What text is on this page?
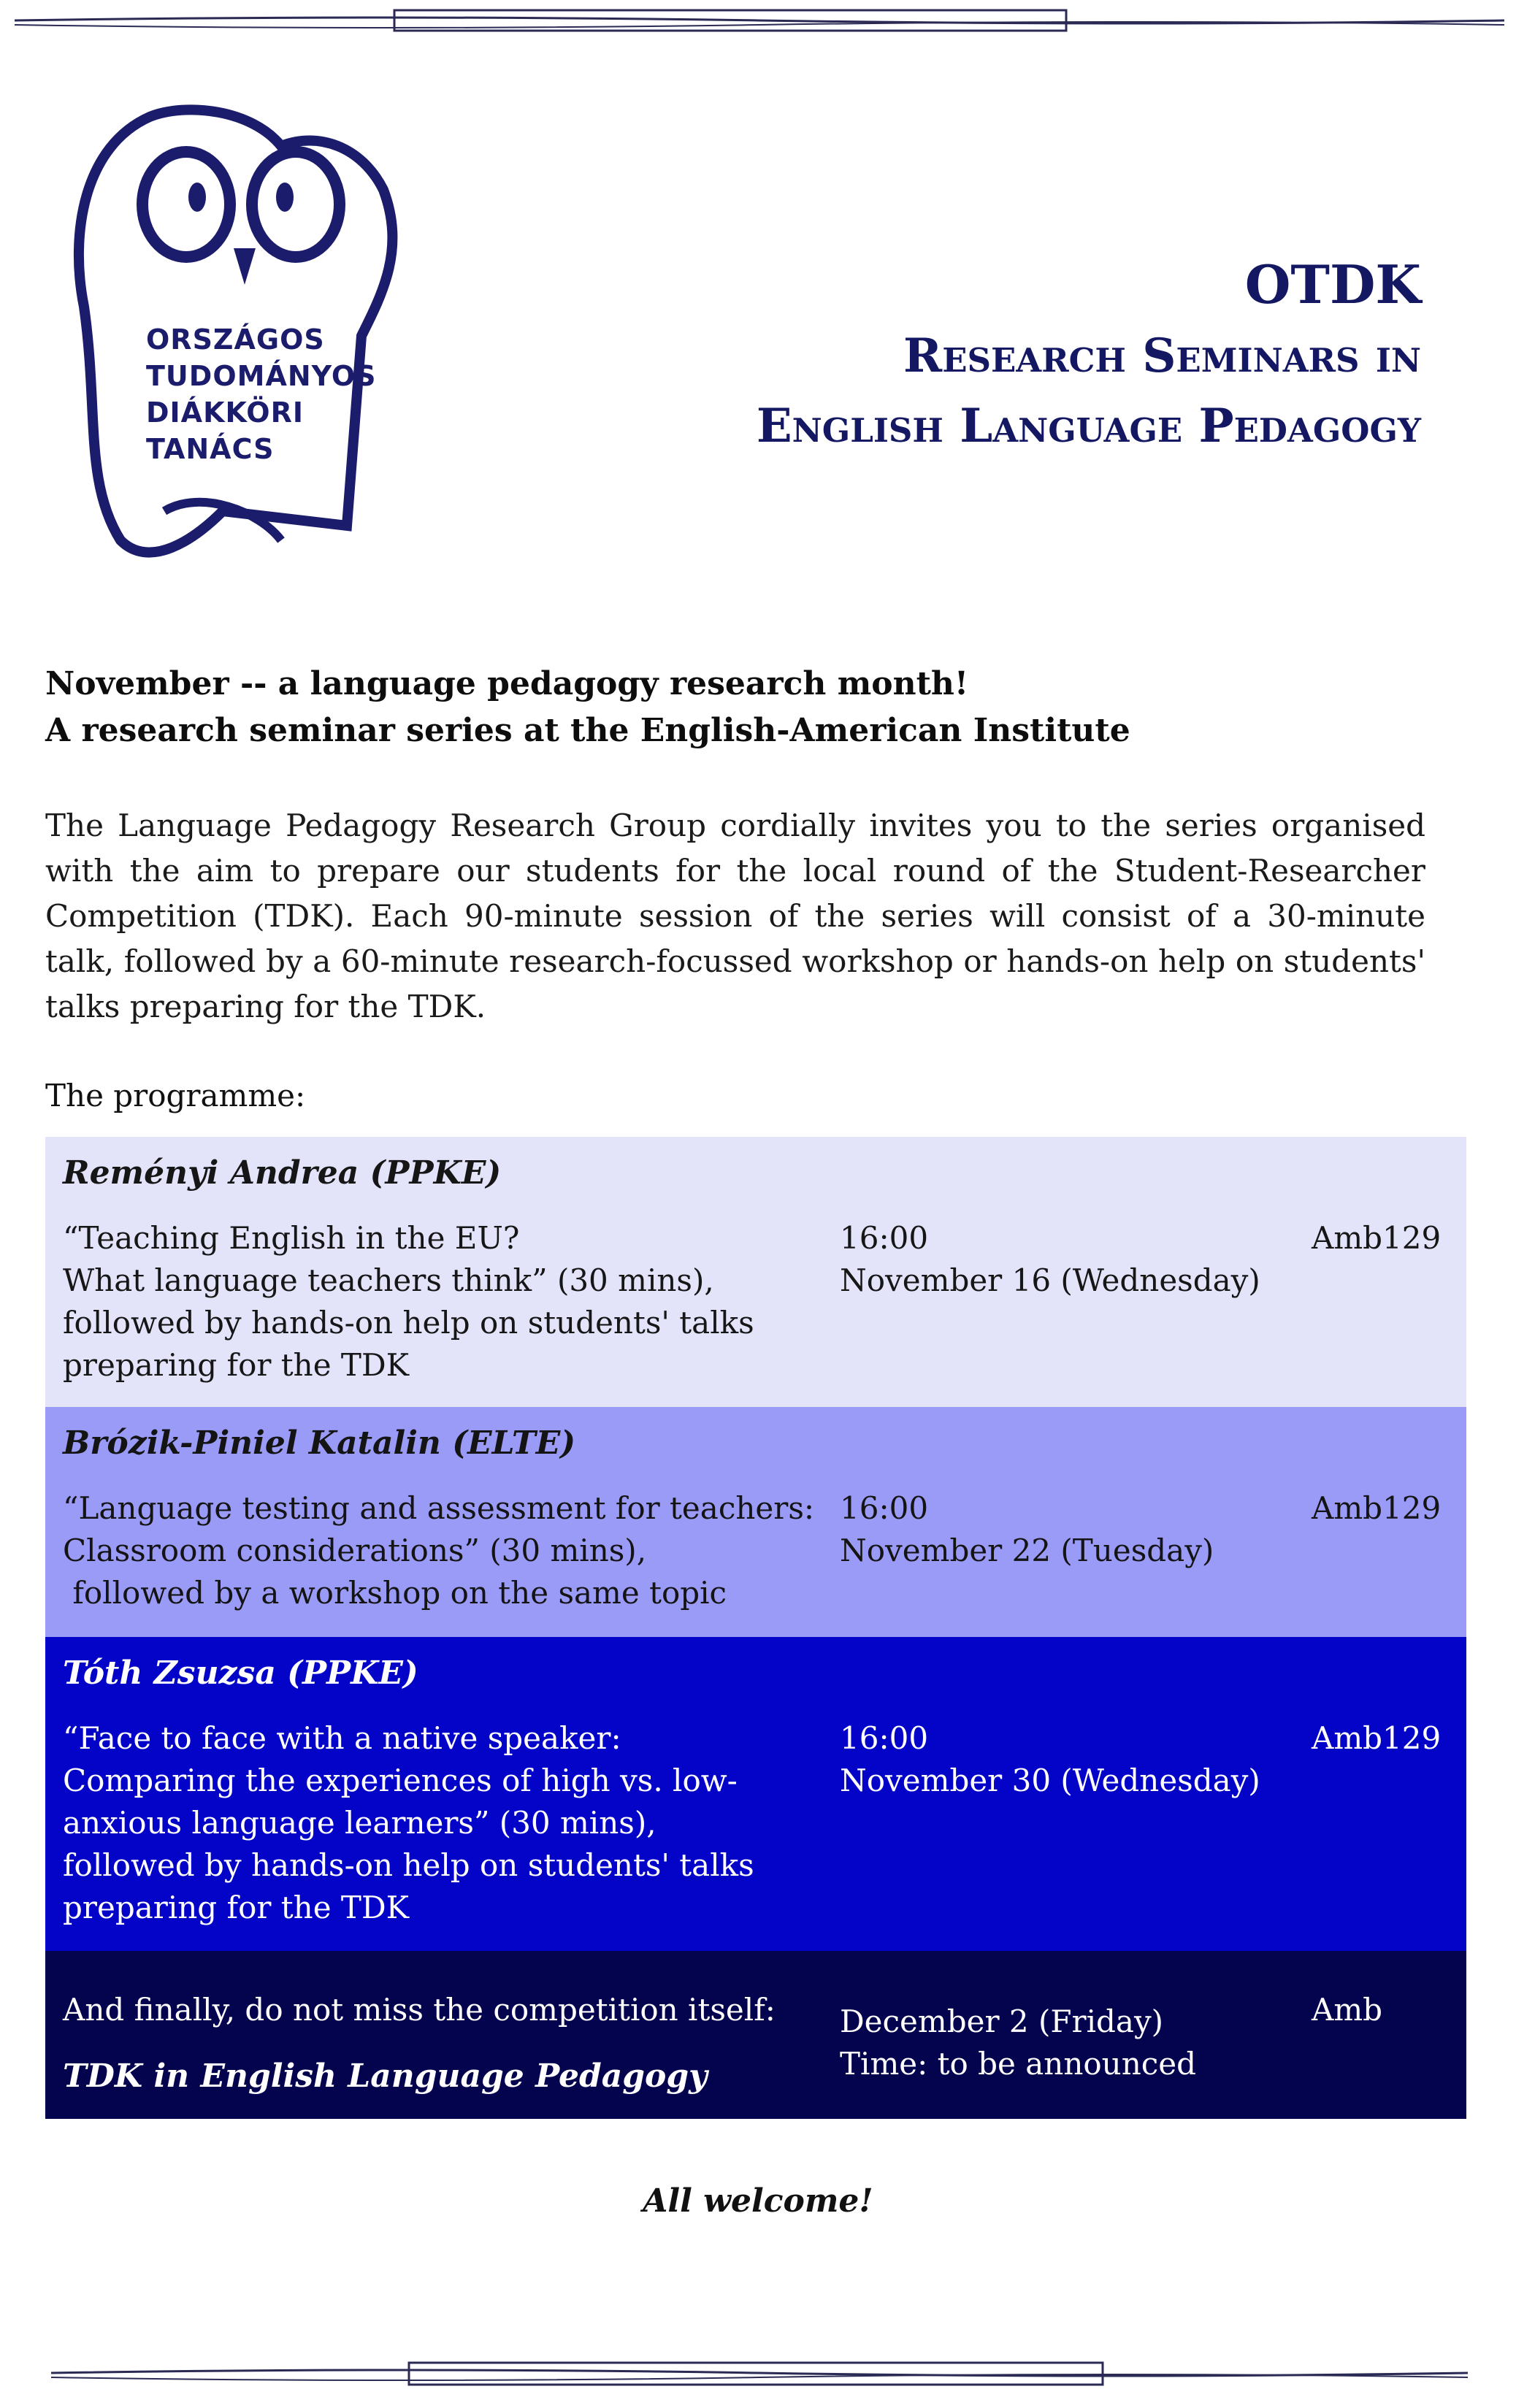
ORSZÁGOS
TUDOMÁNYOS
DIÁKKÖRI
TANÁCS
OTDK
Research Seminars in
English Language Pedagogy
November -- a language pedagogy research month!
A research seminar series at the English-American Institute
The Language Pedagogy Research Group cordially invites you to the series organised with the aim to prepare our students for the local round of the Student-Researcher Competition (TDK). Each 90-minute session of the series will consist of a 30-minute talk, followed by a 60-minute research-focussed workshop or hands-on help on students' talks preparing for the TDK.
The programme:
Reményi Andrea (PPKE)
“Teaching English in the EU?
What language teachers think” (30 mins),
followed by hands-on help on students' talks
preparing for the TDK
16:00
November 16 (Wednesday)
Amb129
Brózik-Piniel Katalin (ELTE)
“Language testing and assessment for teachers:
Classroom considerations” (30 mins),
followed by a workshop on the same topic
16:00
November 22 (Tuesday)
Amb129
Tóth Zsuzsa (PPKE)
“Face to face with a native speaker:
Comparing the experiences of high vs. low-
anxious language learners” (30 mins),
followed by hands-on help on students' talks
preparing for the TDK
16:00
November 30 (Wednesday)
Amb129
And finally, do not miss the competition itself:
TDK in English Language Pedagogy
December 2 (Friday)
Time: to be announced
Amb
All welcome!
